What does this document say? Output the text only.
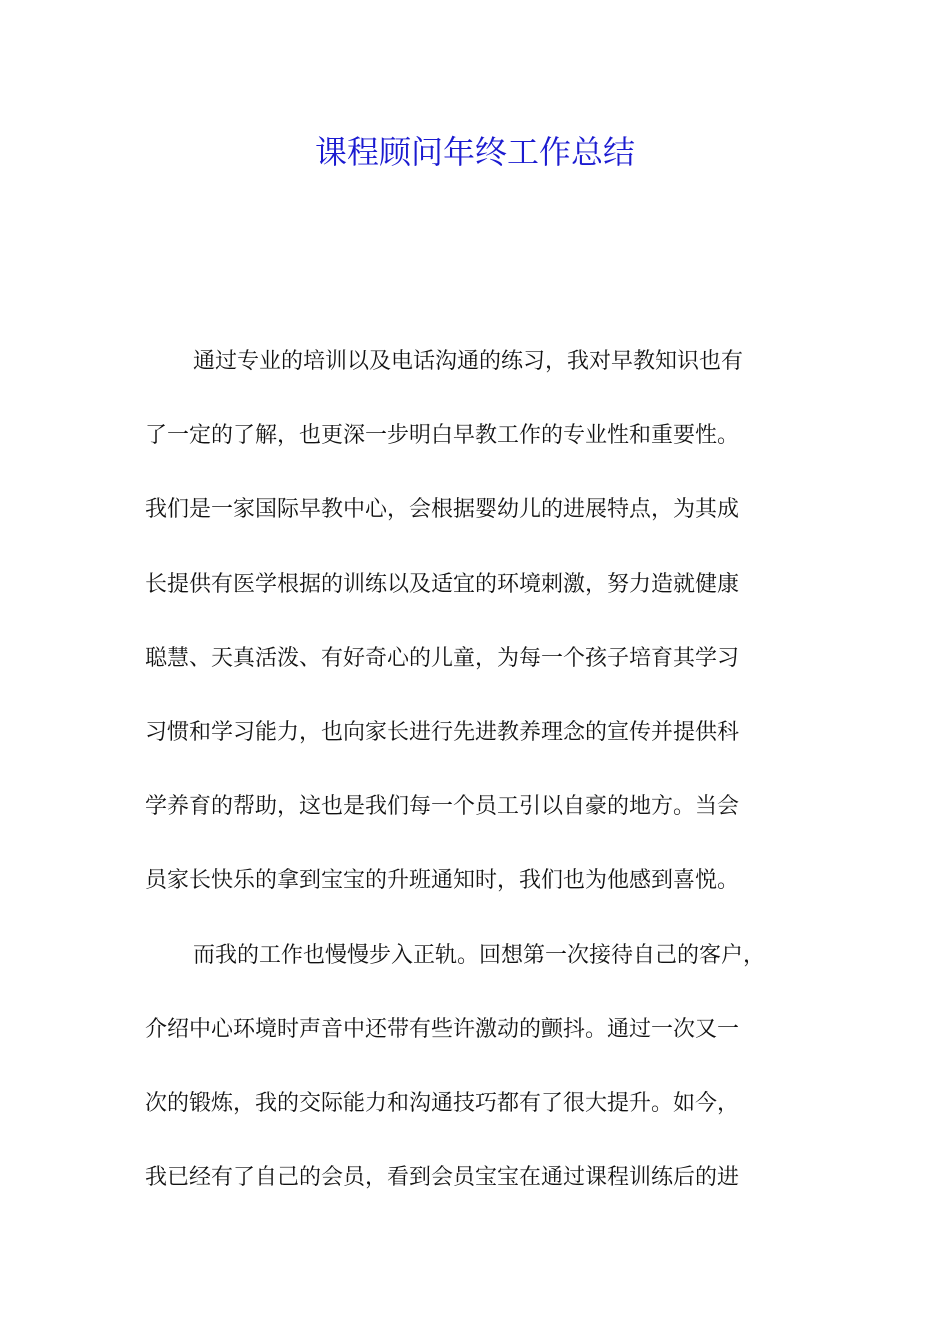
课程顾问年终工作总结
通过专业的培训以及电话沟通的练习，我对早教知识也有
了一定的了解，也更深一步明白早教工作的专业性和重要性。
我们是一家国际早教中心，会根据婴幼儿的进展特点，为其成
长提供有医学根据的训练以及适宜的环境刺激，努力造就健康
聪慧、天真活泼、有好奇心的儿童，为每一个孩子培育其学习
习惯和学习能力，也向家长进行先进教养理念的宣传并提供科
学养育的帮助，这也是我们每一个员工引以自豪的地方。当会
员家长快乐的拿到宝宝的升班通知时，我们也为他感到喜悦。
而我的工作也慢慢步入正轨。回想第一次接待自己的客户，
介绍中心环境时声音中还带有些许激动的颤抖。通过一次又一
次的锻炼，我的交际能力和沟通技巧都有了很大提升。如今，
我已经有了自己的会员，看到会员宝宝在通过课程训练后的进
